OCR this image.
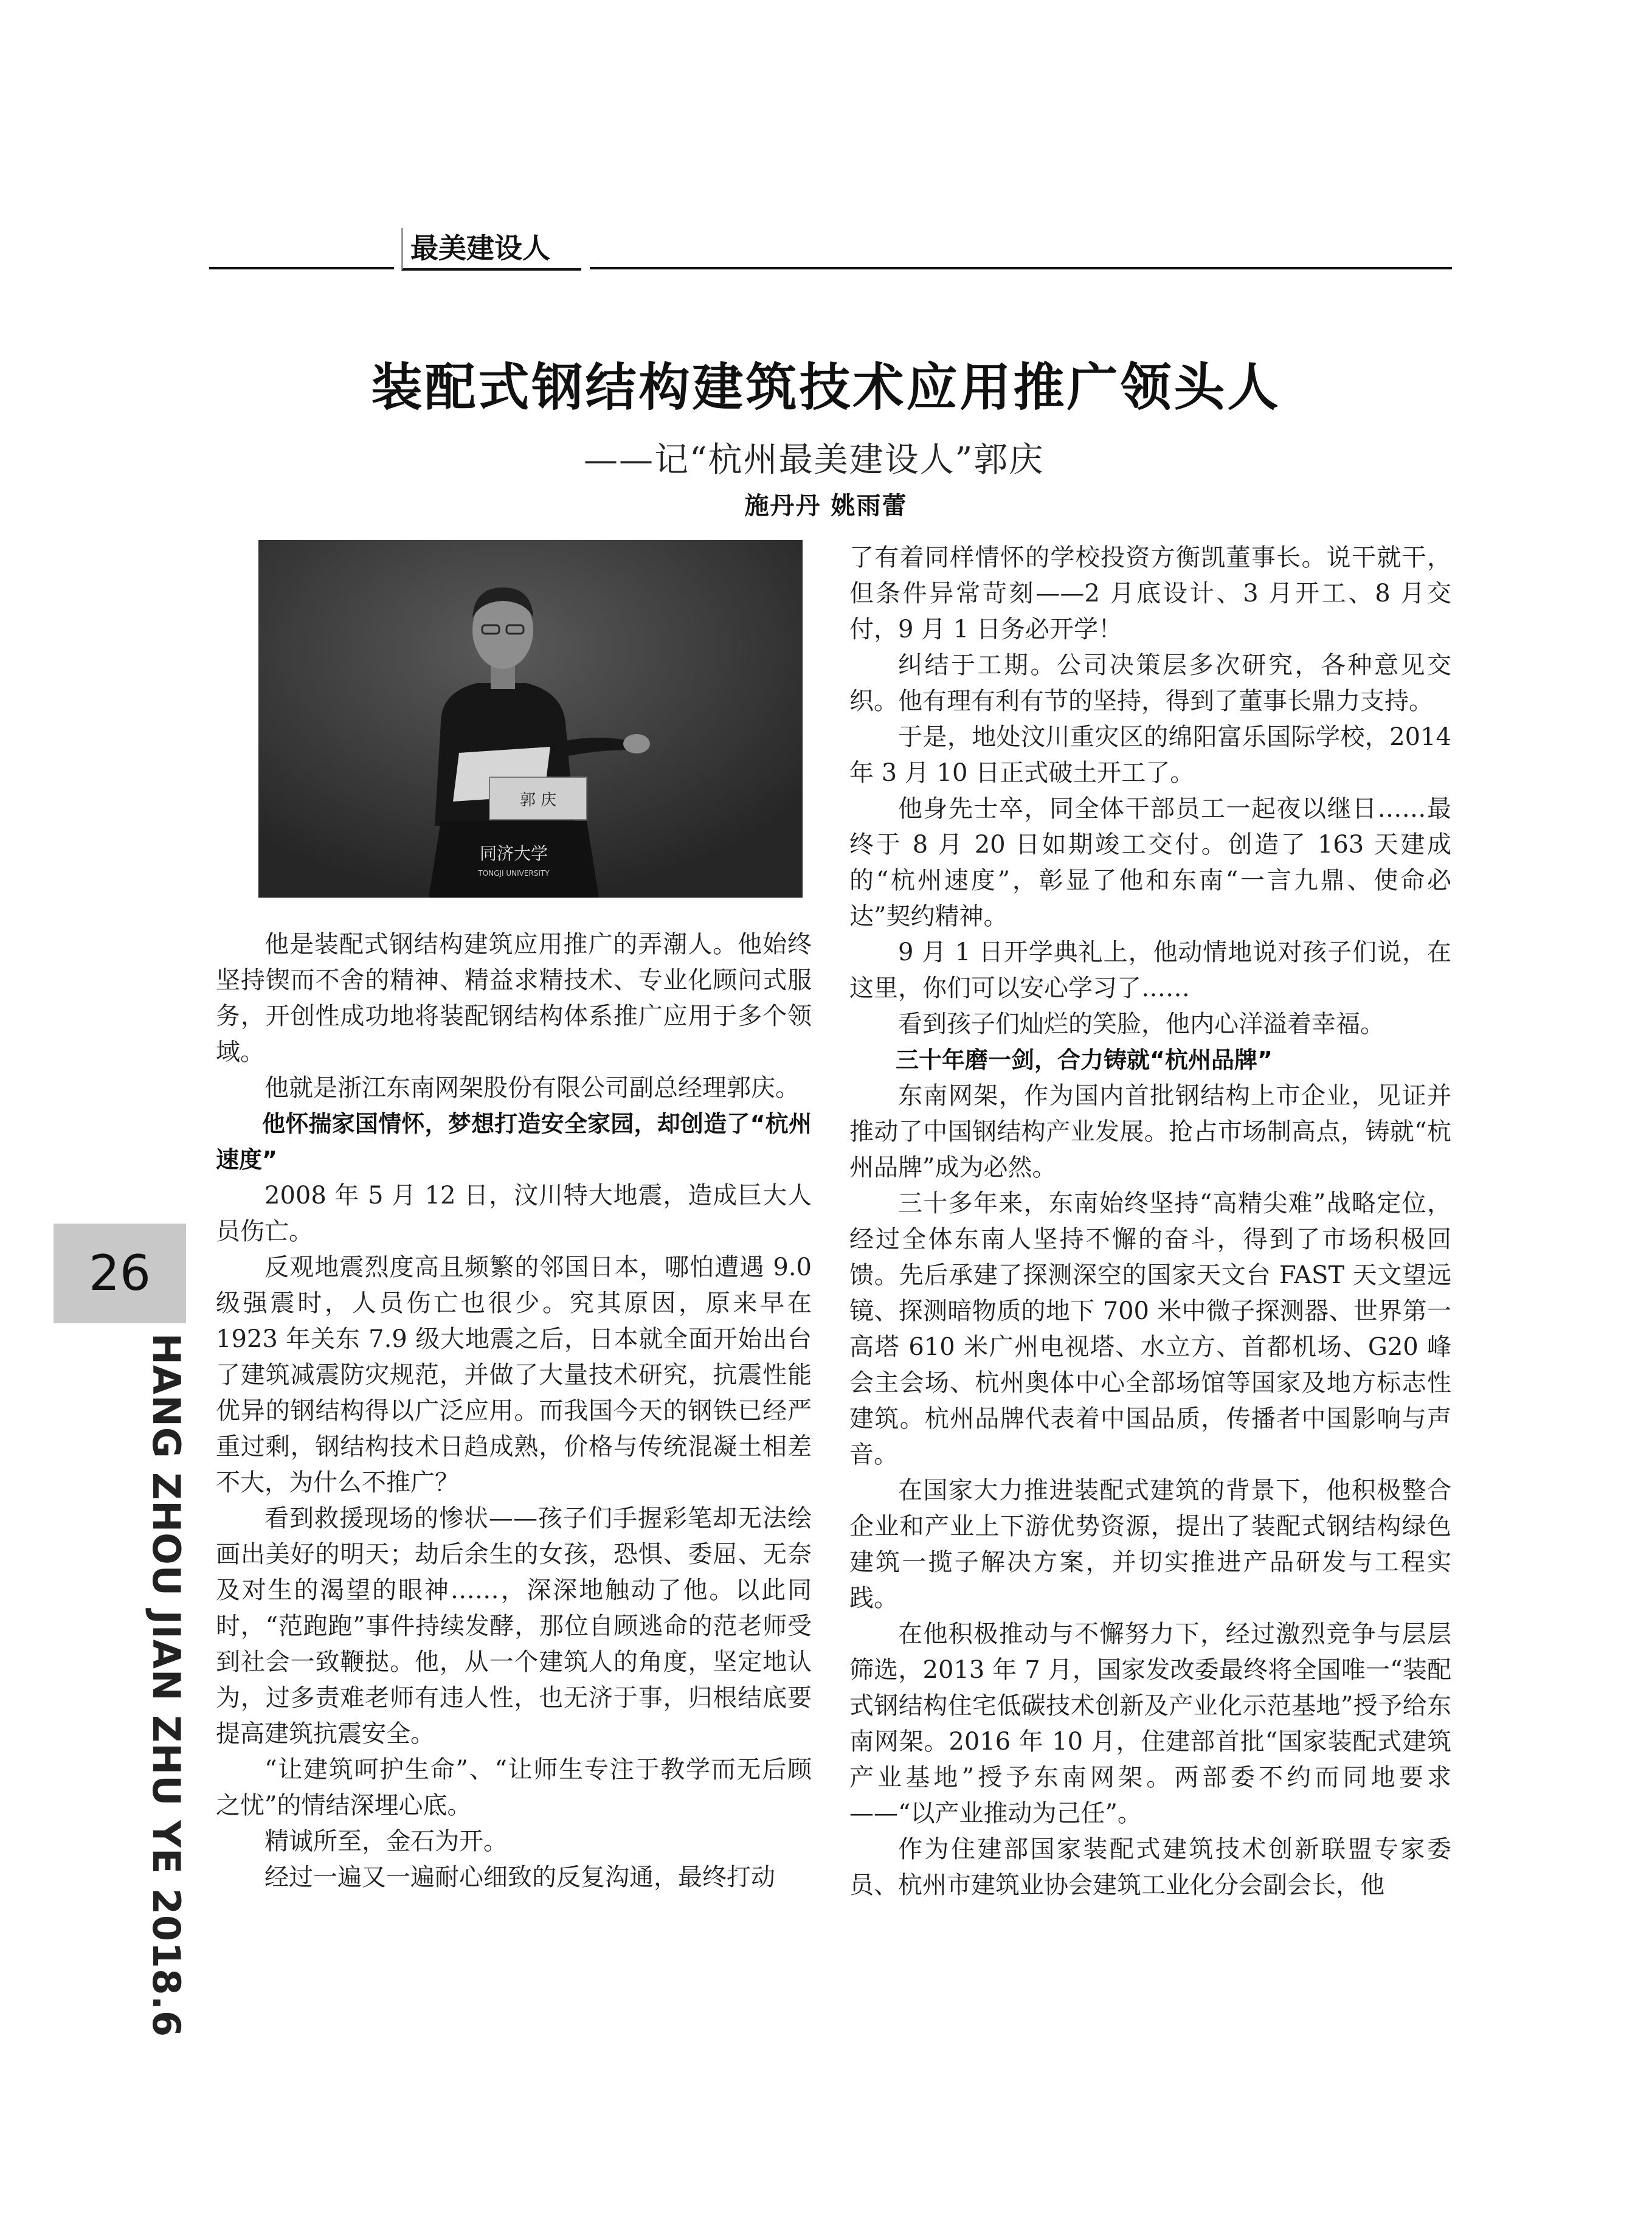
最美建设人
装配式钢结构建筑技术应用推广领头人
——记“杭州最美建设人”郭庆
施丹丹 姚雨蕾
郭 庆
同济大学
TONGJI UNIVERSITY

他是装配式钢结构建筑应用推广的弄潮人。他始终坚持锲而不舍的精神、精益求精技术、专业化顾问式服务，开创性成功地将装配钢结构体系推广应用于多个领域。

他就是浙江东南网架股份有限公司副总经理郭庆。

他怀揣家国情怀，梦想打造安全家园，却创造了“杭州速度”

2008 年 5 月 12 日，汶川特大地震，造成巨大人员伤亡。

反观地震烈度高且频繁的邻国日本，哪怕遭遇 9.0 级强震时，人员伤亡也很少。究其原因，原来早在 1923 年关东 7.9 级大地震之后，日本就全面开始出台了建筑减震防灾规范，并做了大量技术研究，抗震性能优异的钢结构得以广泛应用。而我国今天的钢铁已经严重过剩，钢结构技术日趋成熟，价格与传统混凝土相差不大，为什么不推广？

看到救援现场的惨状——孩子们手握彩笔却无法绘画出美好的明天；劫后余生的女孩，恐惧、委屈、无奈及对生的渴望的眼神……，深深地触动了他。以此同时，“范跑跑”事件持续发酵，那位自顾逃命的范老师受到社会一致鞭挞。他，从一个建筑人的角度，坚定地认为，过多责难老师有违人性，也无济于事，归根结底要提高建筑抗震安全。

“让建筑呵护生命”、“让师生专注于教学而无后顾之忧”的情结深埋心底。

精诚所至，金石为开。

经过一遍又一遍耐心细致的反复沟通，最终打动

了有着同样情怀的学校投资方衡凯董事长。说干就干，但条件异常苛刻——2 月底设计、3 月开工、8 月交付，9 月 1 日务必开学！

纠结于工期。公司决策层多次研究，各种意见交织。他有理有利有节的坚持，得到了董事长鼎力支持。

于是，地处汶川重灾区的绵阳富乐国际学校，2014 年 3 月 10 日正式破土开工了。

他身先士卒，同全体干部员工一起夜以继日……最终于 8 月 20 日如期竣工交付。创造了 163 天建成的“杭州速度”，彰显了他和东南“一言九鼎、使命必达”契约精神。

9 月 1 日开学典礼上，他动情地说对孩子们说，在这里，你们可以安心学习了……

看到孩子们灿烂的笑脸，他内心洋溢着幸福。

三十年磨一剑，合力铸就“杭州品牌”

东南网架，作为国内首批钢结构上市企业，见证并推动了中国钢结构产业发展。抢占市场制高点，铸就“杭州品牌”成为必然。

三十多年来，东南始终坚持“高精尖难”战略定位，经过全体东南人坚持不懈的奋斗，得到了市场积极回馈。先后承建了探测深空的国家天文台 FAST 天文望远镜、探测暗物质的地下 700 米中微子探测器、世界第一高塔 610 米广州电视塔、水立方、首都机场、G20 峰会主会场、杭州奥体中心全部场馆等国家及地方标志性建筑。杭州品牌代表着中国品质，传播者中国影响与声音。

在国家大力推进装配式建筑的背景下，他积极整合企业和产业上下游优势资源，提出了装配式钢结构绿色建筑一揽子解决方案，并切实推进产品研发与工程实践。

在他积极推动与不懈努力下，经过激烈竞争与层层筛选，2013 年 7 月，国家发改委最终将全国唯一“装配式钢结构住宅低碳技术创新及产业化示范基地”授予给东南网架。2016 年 10 月，住建部首批“国家装配式建筑产业基地”授予东南网架。两部委不约而同地要求——“以产业推动为己任”。

作为住建部国家装配式建筑技术创新联盟专家委员、杭州市建筑业协会建筑工业化分会副会长，他

26
HANG ZHOU JIAN ZHU YE 2018.6
